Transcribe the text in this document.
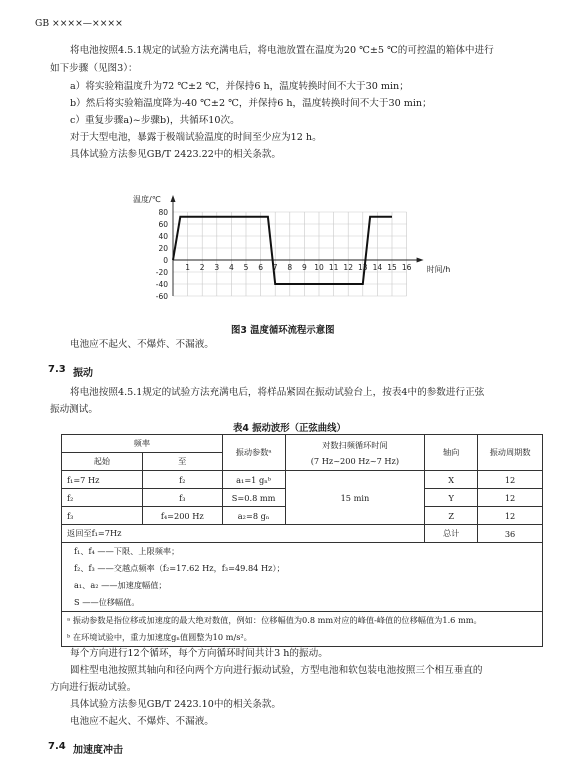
GB ××××—××××
将电池按照4.5.1规定的试验方法充满电后，将电池放置在温度为20 ℃±5 ℃的可控温的箱体中进行
如下步骤（见图3）：
a）将实验箱温度升为72 ℃±2 ℃，并保持6 h，温度转换时间不大于30 min；
b）然后将实验箱温度降为-40 ℃±2 ℃，并保持6 h，温度转换时间不大于30 min；
c）重复步骤a)~步骤b)，共循环10次。
对于大型电池，暴露于极端试验温度的时间至少应为12 h。
具体试验方法参见GB/T 2423.22中的相关条款。
80
60
40
20
0
-20
-40
-60
1 2 3 4 5 6 7 8 9 10 11 12 13 14 15 16
温度/℃
时间/h
图3 温度循环流程示意图
电池应不起火、不爆炸、不漏液。
7.3 振动
将电池按照4.5.1规定的试验方法充满电后，将样品紧固在振动试验台上，按表4中的参数进行正弦
振动测试。
表4 振动波形（正弦曲线）
频率		振动参数ᵃ	对数扫频循环时间
(7 Hz~200 Hz~7 Hz)	轴向	振动周期数
起始	至				
f₁=7 Hz	f₂	a₁=1 gₙᵇ	15 min	X	12
f₂	f₃	S=0.8 mm		Y	12
f₃	f₄=200 Hz	a₂=8 gₙ		Z	12
返回至f₁=7Hz				总计	36

f₁、f₄ ——下限、上限频率；
f₂、f₃ ——交越点频率（f₂=17.62 Hz，f₃=49.84 Hz）；
a₁、a₂ ——加速度幅值；
S ——位移幅值。					

ᵃ 振动参数是指位移或加速度的最大绝对数值，例如：位移幅值为0.8 mm对应的峰值-峰值的位移幅值为1.6 mm。
ᵇ 在环境试验中，重力加速度gₙ值圆整为10 m/s²。					
每个方向进行12个循环，每个方向循环时间共计3 h的振动。
圆柱型电池按照其轴向和径向两个方向进行振动试验，方型电池和软包装电池按照三个相互垂直的
方向进行振动试验。
具体试验方法参见GB/T 2423.10中的相关条款。
电池应不起火、不爆炸、不漏液。
7.4 加速度冲击
